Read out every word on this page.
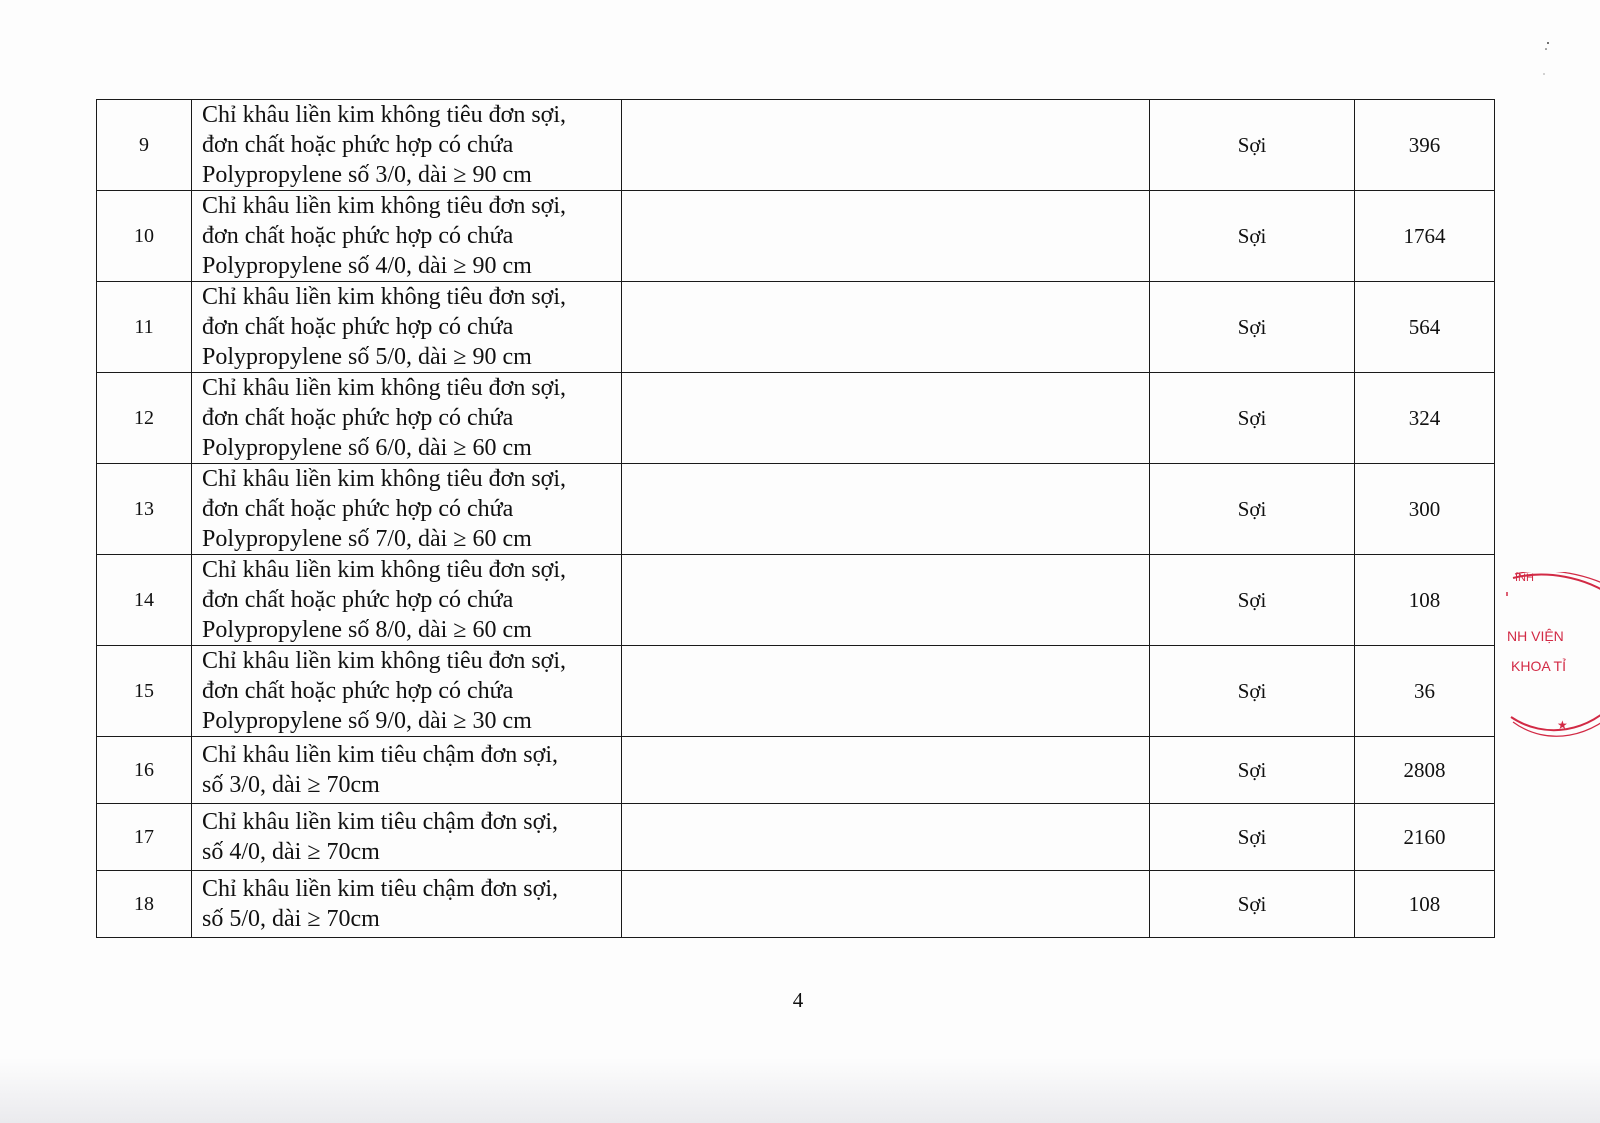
9	Chỉ khâu liền kim không tiêu đơn sợi,
đơn chất hoặc phức hợp có chứa
Polypropylene số 3/0, dài ≥ 90 cm		Sợi	396
10	Chỉ khâu liền kim không tiêu đơn sợi,
đơn chất hoặc phức hợp có chứa
Polypropylene số 4/0, dài ≥ 90 cm		Sợi	1764
11	Chỉ khâu liền kim không tiêu đơn sợi,
đơn chất hoặc phức hợp có chứa
Polypropylene số 5/0, dài ≥ 90 cm		Sợi	564
12	Chỉ khâu liền kim không tiêu đơn sợi,
đơn chất hoặc phức hợp có chứa
Polypropylene số 6/0, dài ≥ 60 cm		Sợi	324
13	Chỉ khâu liền kim không tiêu đơn sợi,
đơn chất hoặc phức hợp có chứa
Polypropylene số 7/0, dài ≥ 60 cm		Sợi	300
14	Chỉ khâu liền kim không tiêu đơn sợi,
đơn chất hoặc phức hợp có chứa
Polypropylene số 8/0, dài ≥ 60 cm		Sợi	108
15	Chỉ khâu liền kim không tiêu đơn sợi,
đơn chất hoặc phức hợp có chứa
Polypropylene số 9/0, dài ≥ 30 cm		Sợi	36
16	Chỉ khâu liền kim tiêu chậm đơn sợi,
số 3/0, dài ≥ 70cm		Sợi	2808
17	Chỉ khâu liền kim tiêu chậm đơn sợi,
số 4/0, dài ≥ 70cm		Sợi	2160
18	Chỉ khâu liền kim tiêu chậm đơn sợi,
số 5/0, dài ≥ 70cm		Sợi	108
4
ỈNH
NH VIỆN
KHOA TỈ
★
